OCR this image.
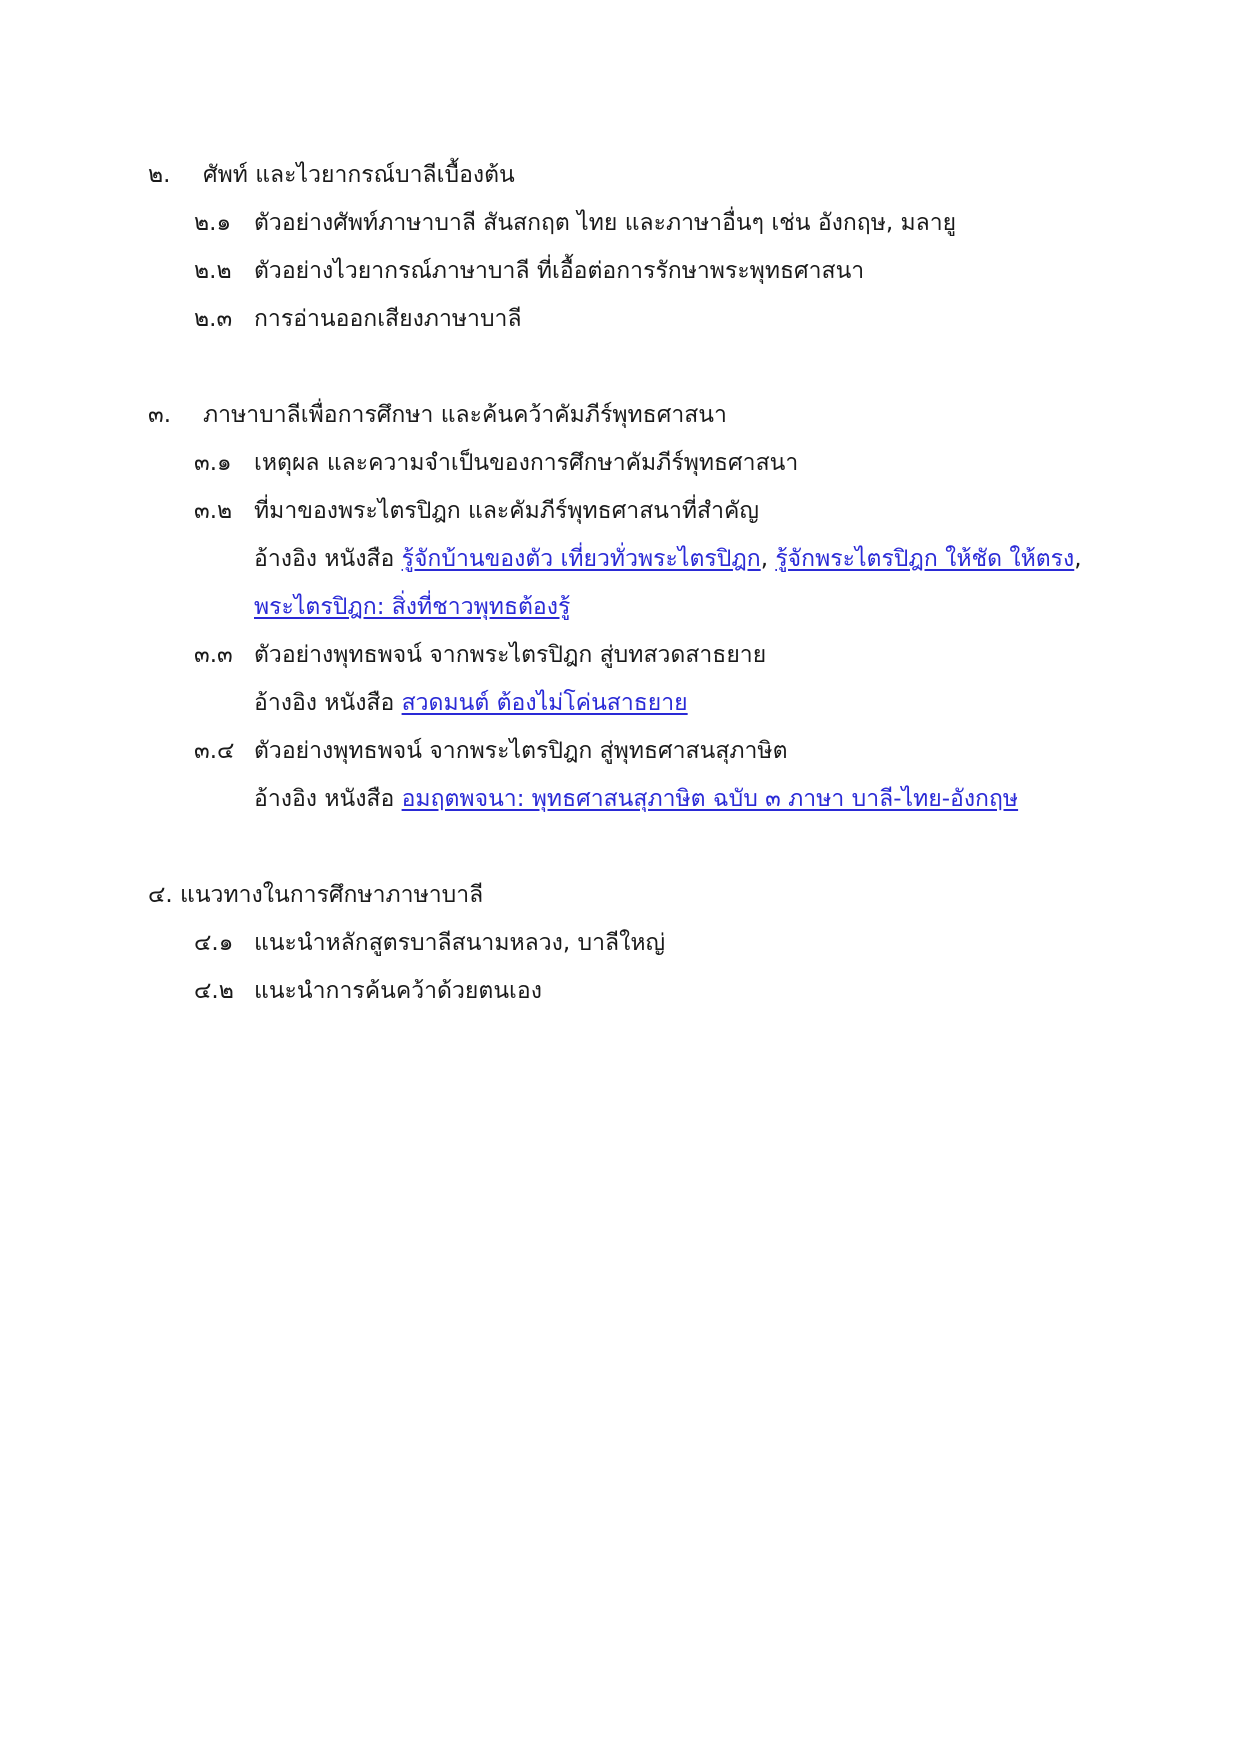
๒. ศัพท์ และไวยากรณ์บาลีเบื้องต้น
๒.๑ ตัวอย่างศัพท์ภาษาบาลี สันสกฤต ไทย และภาษาอื่นๆ เช่น อังกฤษ, มลายู
๒.๒ ตัวอย่างไวยากรณ์ภาษาบาลี ที่เอื้อต่อการรักษาพระพุทธศาสนา
๒.๓ การอ่านออกเสียงภาษาบาลี
๓. ภาษาบาลีเพื่อการศึกษา และค้นคว้าคัมภีร์พุทธศาสนา
๓.๑ เหตุผล และความจำเป็นของการศึกษาคัมภีร์พุทธศาสนา
๓.๒ ที่มาของพระไตรปิฎก และคัมภีร์พุทธศาสนาที่สำคัญ
อ้างอิง หนังสือ รู้จักบ้านของตัว เที่ยวทั่วพระไตรปิฎก, รู้จักพระไตรปิฎก ให้ชัด ให้ตรง,
พระไตรปิฎก: สิ่งที่ชาวพุทธต้องรู้
๓.๓ ตัวอย่างพุทธพจน์ จากพระไตรปิฎก สู่บทสวดสาธยาย
อ้างอิง หนังสือ สวดมนต์ ต้องไม่โค่นสาธยาย
๓.๔ ตัวอย่างพุทธพจน์ จากพระไตรปิฎก สู่พุทธศาสนสุภาษิต
อ้างอิง หนังสือ อมฤตพจนา: พุทธศาสนสุภาษิต ฉบับ ๓ ภาษา บาลี-ไทย-อังกฤษ
๔. แนวทางในการศึกษาภาษาบาลี
๔.๑ แนะนำหลักสูตรบาลีสนามหลวง, บาลีใหญ่
๔.๒ แนะนำการค้นคว้าด้วยตนเอง
